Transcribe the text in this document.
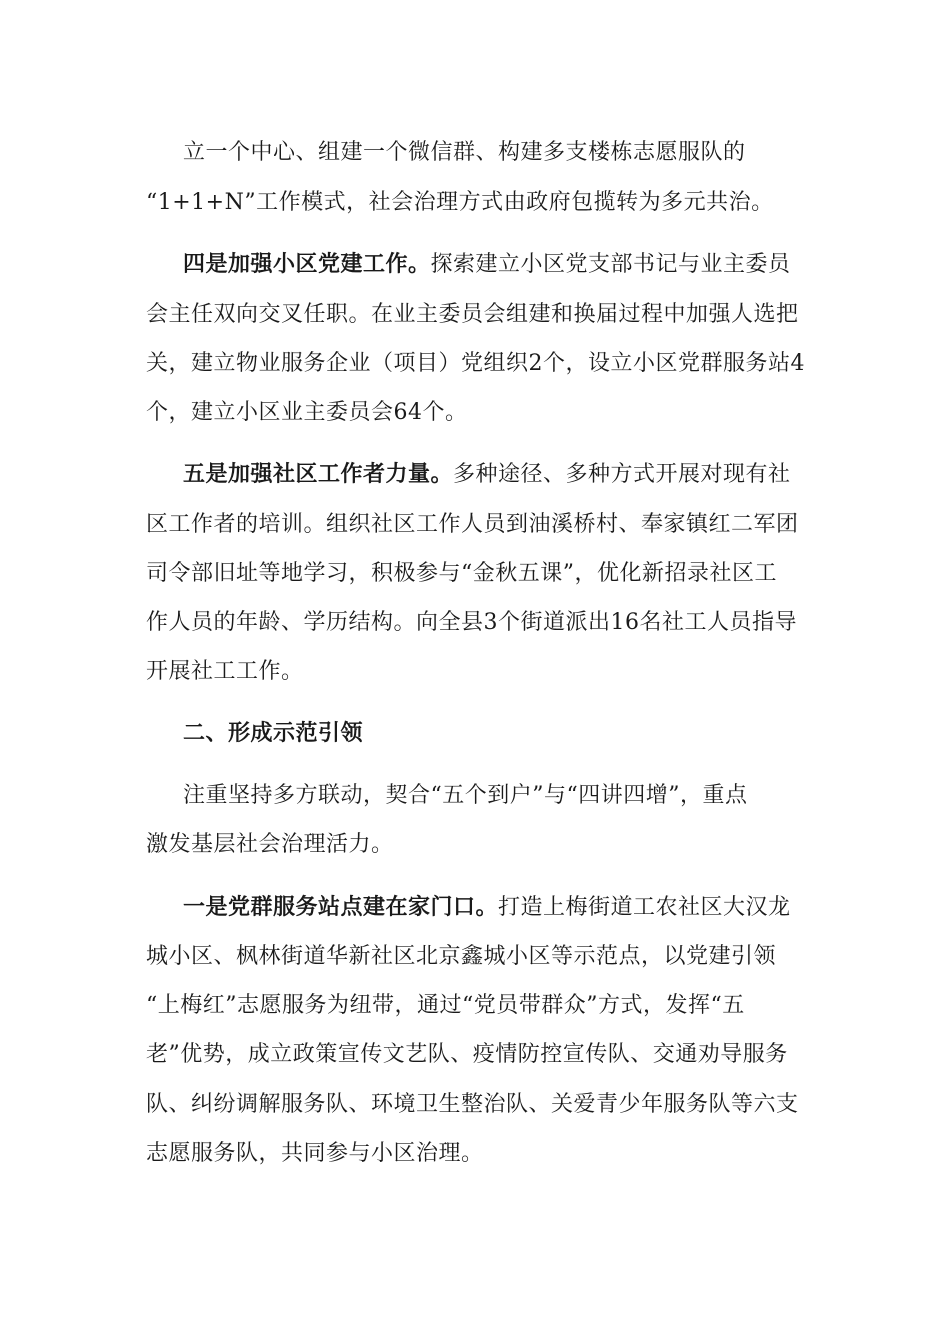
立一个中心、组建一个微信群、构建多支楼栋志愿服队的
“1+1+N”工作模式，社会治理方式由政府包揽转为多元共治。
四是加强小区党建工作。探索建立小区党支部书记与业主委员
会主任双向交叉任职。在业主委员会组建和换届过程中加强人选把
关，建立物业服务企业（项目）党组织2个，设立小区党群服务站4
个，建立小区业主委员会64个。
五是加强社区工作者力量。多种途径、多种方式开展对现有社
区工作者的培训。组织社区工作人员到油溪桥村、奉家镇红二军团
司令部旧址等地学习，积极参与“金秋五课”，优化新招录社区工
作人员的年龄、学历结构。向全县3个街道派出16名社工人员指导
开展社工工作。
二、形成示范引领
注重坚持多方联动，契合“五个到户”与“四讲四增”，重点
激发基层社会治理活力。
一是党群服务站点建在家门口。打造上梅街道工农社区大汉龙
城小区、枫林街道华新社区北京鑫城小区等示范点，以党建引领
“上梅红”志愿服务为纽带，通过“党员带群众”方式，发挥“五
老”优势，成立政策宣传文艺队、疫情防控宣传队、交通劝导服务
队、纠纷调解服务队、环境卫生整治队、关爱青少年服务队等六支
志愿服务队，共同参与小区治理。
